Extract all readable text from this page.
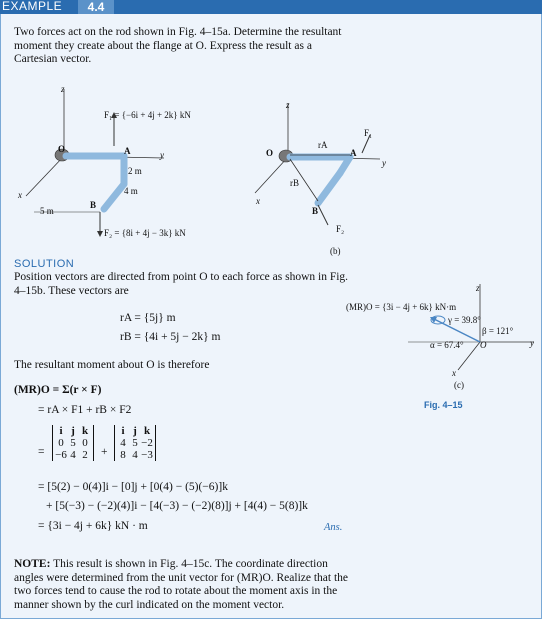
EXAMPLE	4.4
Two forces act on the rod shown in Fig. 4–15a. Determine the resultant moment they create about the flange at O. Express the result as a Cartesian vector.
F₁ = {−6i + 4j + 2k} kN
F₂ = {8i + 4j − 3k} kN
2 m
4 m
5 m
O	A
B
z
y
x
O	A
B
rA
rB
F₁
F₂
z
y
x
(b)
SOLUTION
Position vectors are directed from point O to each force as shown in Fig. 4–15b. These vectors are
rA = {5j} m
rB = {4i + 5j − 2k} m
The resultant moment about O is therefore
(MR)O = Σ(r × F)
= rA × F1 + rB × F2
=
i j k
0 5 0
−6 4 2 +
i j k
4 5 −2
8 4 −3
= [5(2) − 0(4)]i − [0]j + [0(4) − (5)(−6)]k
+ [5(−3) − (−2)(4)]i − [4(−3) − (−2)(8)]j + [4(4) − 5(8)]k
= {3i − 4j + 6k} kN · m	Ans.
(MR)O = {3i − 4j + 6k} kN·m
γ = 39.8°
β = 121°
α = 67.4° O
z
y
x
(c)
Fig. 4–15
NOTE: This result is shown in Fig. 4–15c. The coordinate direction angles were determined from the unit vector for (MR)O. Realize that the two forces tend to cause the rod to rotate about the moment axis in the manner shown by the curl indicated on the moment vector.
